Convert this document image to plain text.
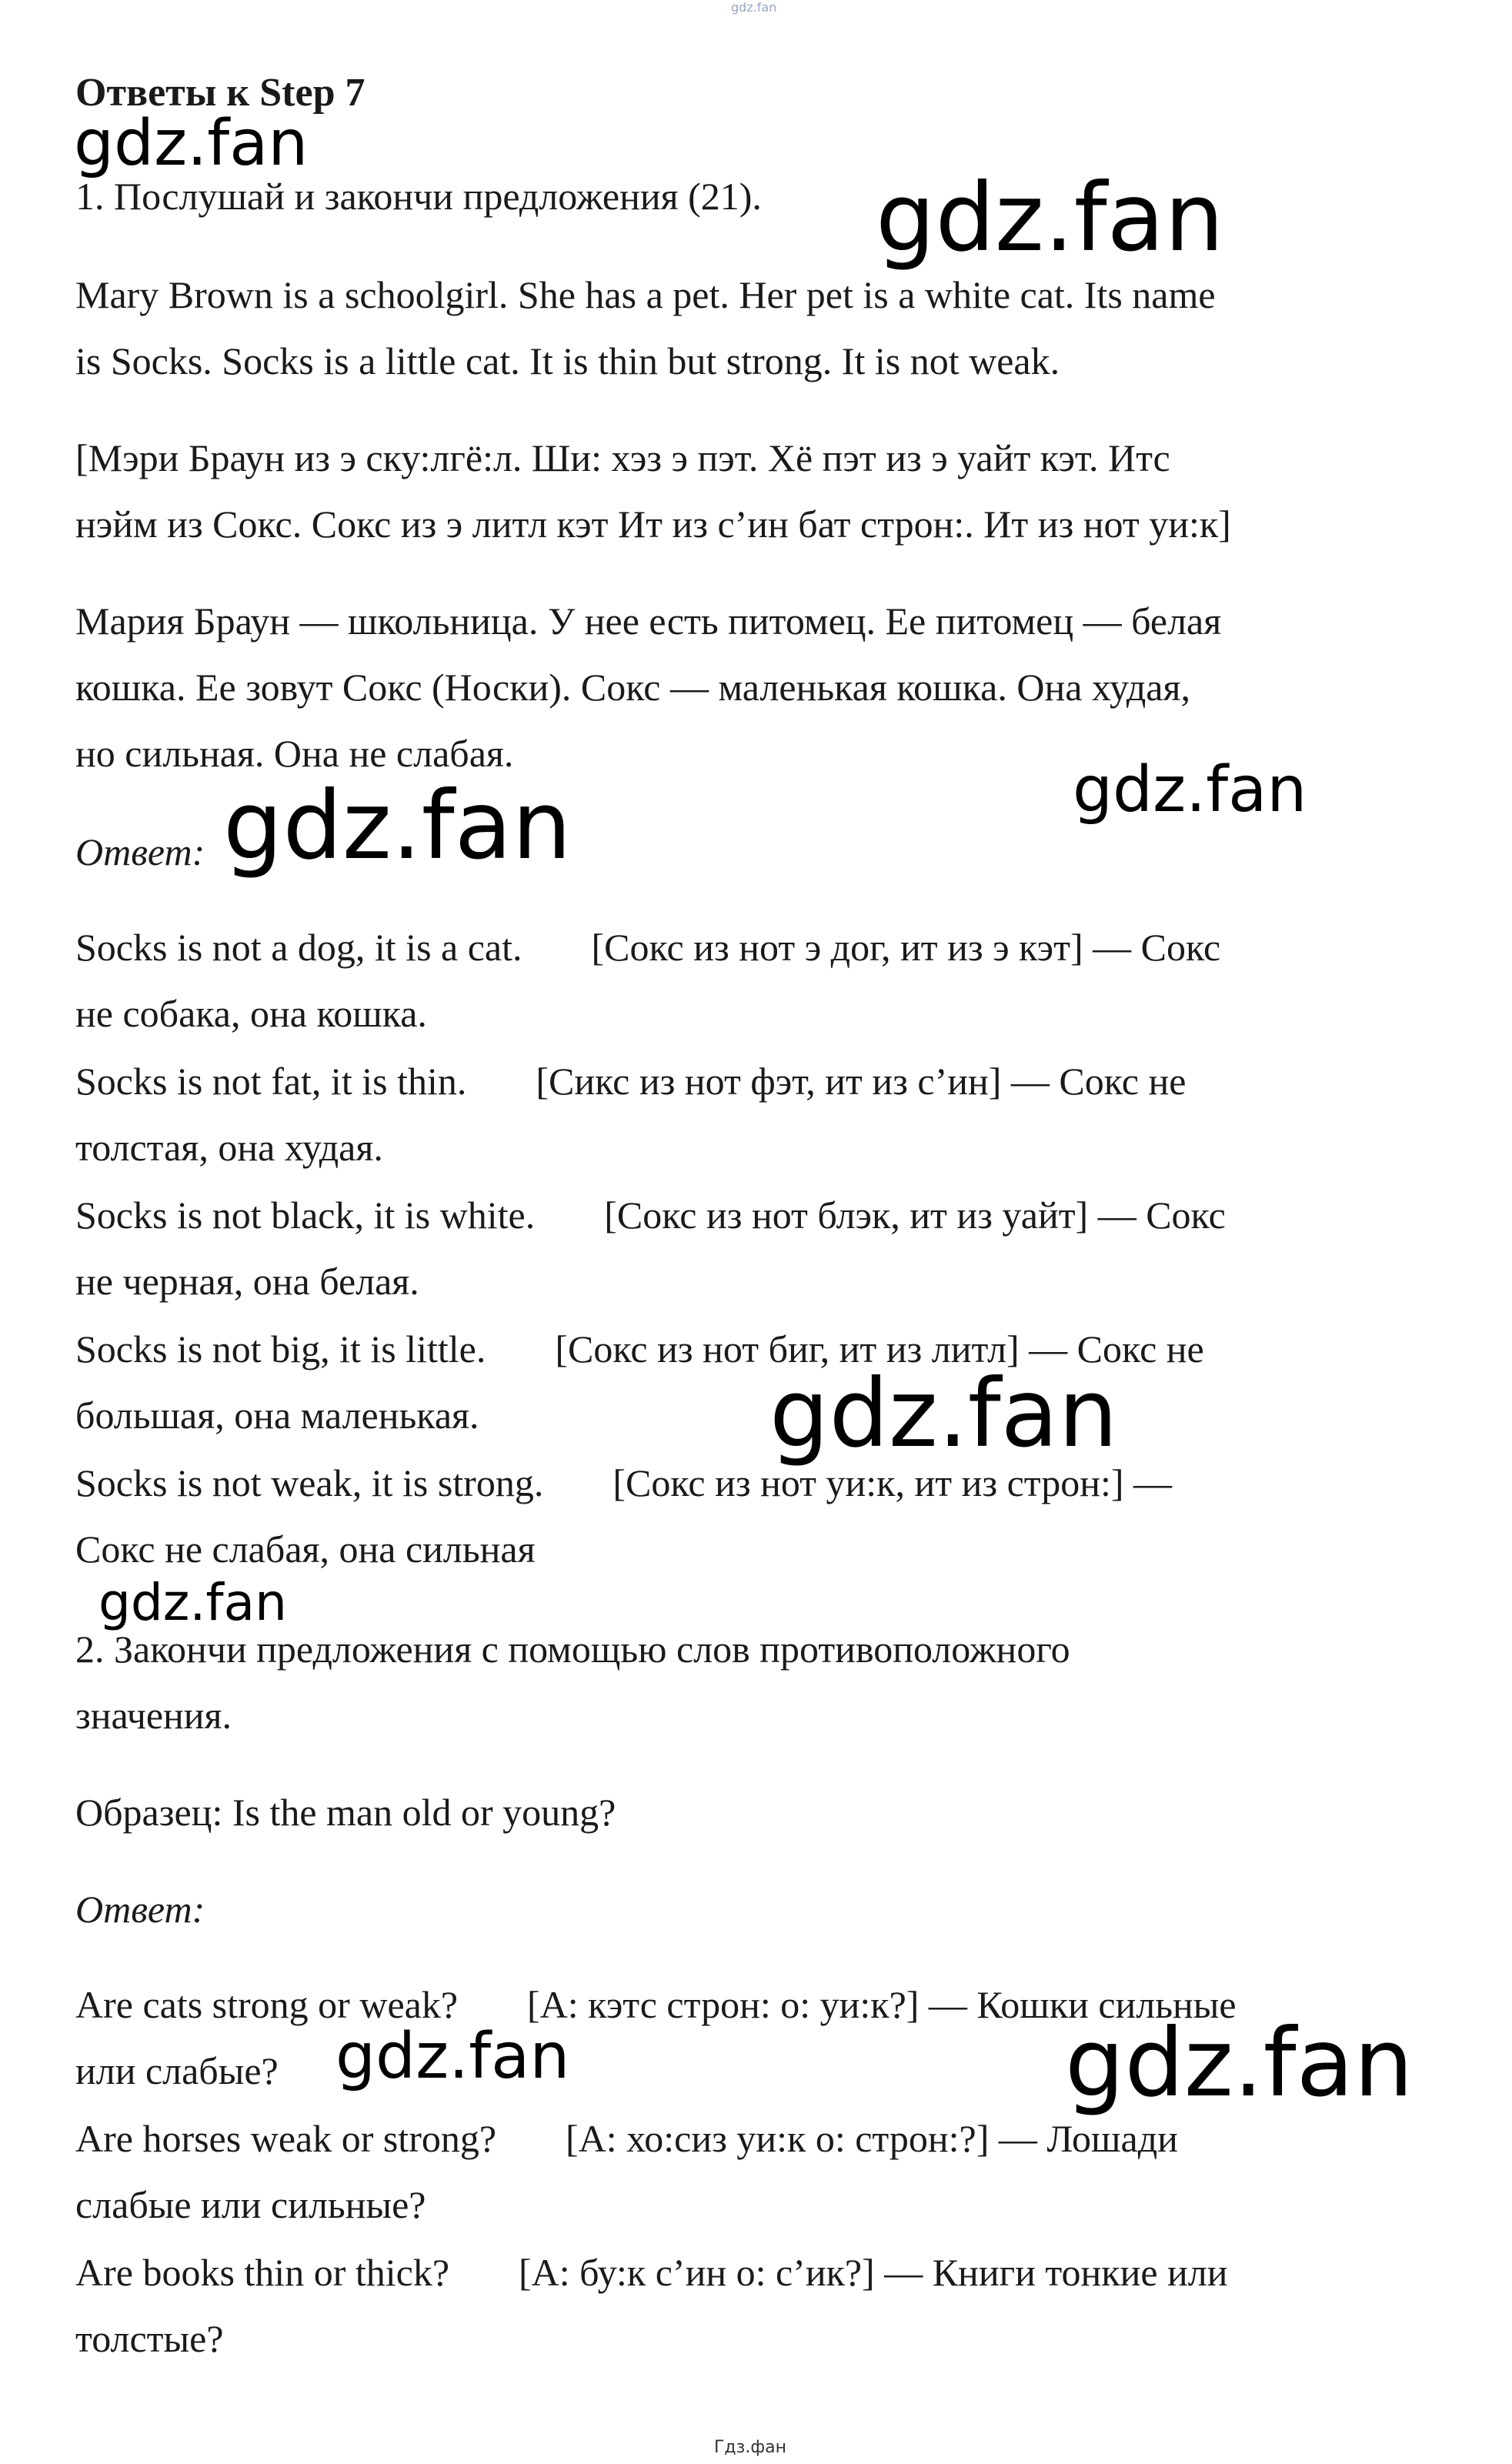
gdz.fan
Ответы к Step 7
1. Послушай и закончи предложения (21).
Mary Brown is a schoolgirl. She has a pet. Her pet is a white cat. Its name
is Socks. Socks is a little cat. It is thin but strong. It is not weak.
[Мэри Браун из э ску:лгё:л. Ши: хэз э пэт. Хё пэт из э уайт кэт. Итс
нэйм из Сокс. Сокс из э литл кэт Ит из с’ин бат строн:. Ит из нот уи:к]
Мария Браун — школьница. У нее есть питомец. Ее питомец — белая
кошка. Ее зовут Сокс (Носки). Сокс — маленькая кошка. Она худая,
но сильная. Она не слабая.
Ответ:
Socks is not a dog, it is a cat. [Сокс из нот э дог, ит из э кэт] — Сокс
не собака, она кошка.
Socks is not fat, it is thin. [Сикс из нот фэт, ит из с’ин] — Сокс не
толстая, она худая.
Socks is not black, it is white. [Сокс из нот блэк, ит из уайт] — Сокс
не черная, она белая.
Socks is not big, it is little. [Сокс из нот биг, ит из литл] — Сокс не
большая, она маленькая.
Socks is not weak, it is strong. [Сокс из нот уи:к, ит из строн:] —
Сокс не слабая, она сильная
2. Закончи предложения с помощью слов противоположного
значения.
Образец: Is the man old or young?
Ответ:
Are cats strong or weak? [А: кэтс строн: о: уи:к?] — Кошки сильные
или слабые?
Are horses weak or strong? [А: хо:сиз уи:к о: строн:?] — Лошади
слабые или сильные?
Are books thin or thick? [А: бу:к с’ин о: с’ик?] — Книги тонкие или
толстые?
gdz.fan
gdz.fan
gdz.fan
gdz.fan
gdz.fan
gdz.fan
gdz.fan	gdz.fan
Гдз.фан
